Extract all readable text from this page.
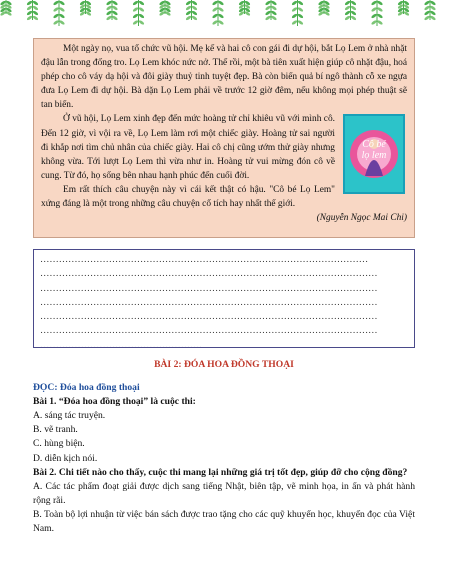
Một ngày nọ, vua tổ chức vũ hội. Mẹ kế và hai cô con gái đi dự hội, bắt Lọ Lem ở nhà nhặt đậu lẫn trong đống tro. Lọ Lem khóc nức nở. Thế rồi, một bà tiên xuất hiện giúp cô nhặt đậu, hoá phép cho cô váy dạ hội và đôi giày thuỷ tinh tuyệt đẹp. Bà còn biến quả bí ngô thành cỗ xe ngựa đưa Lọ Lem đi dự hội. Bà dặn Lọ Lem phải về trước 12 giờ đêm, nếu không mọi phép thuật sẽ tan biến.

Cô bé
lọ lem

Ở vũ hội, Lọ Lem xinh đẹp đến mức hoàng tử chỉ khiêu vũ với mình cô. Đến 12 giờ, vì vội ra về, Lọ Lem làm rơi một chiếc giày. Hoàng tử sai người đi khắp nơi tìm chủ nhân của chiếc giày. Hai cô chị cũng ướm thử giày nhưng không vừa. Tới lượt Lọ Lem thì vừa như in. Hoàng tử vui mừng đón cô về cung. Từ đó, họ sống bên nhau hạnh phúc đến cuối đời.

Em rất thích câu chuyện này vì cái kết thật có hậu. "Cô bé Lọ Lem" xứng đáng là một trong những câu chuyện cổ tích hay nhất thế giới.

(Nguyễn Ngọc Mai Chi)

……………………………………………………………………………………………
………………………………………………………………………………………………
………………………………………………………………………………………………
………………………………………………………………………………………………
………………………………………………………………………………………………
………………………………………………………………………………………………
…………………………………………….
BÀI 2: ĐÓA HOA ĐỒNG THOẠI
ĐỌC: Đóa hoa đồng thoại
Bài 1. “Đóa hoa đồng thoại” là cuộc thi:
A. sáng tác truyện.
B. vẽ tranh.
C. hùng biện.
D. diễn kịch nói.
Bài 2. Chi tiết nào cho thấy, cuộc thi mang lại những giá trị tốt đẹp, giúp đỡ cho cộng đồng?
A. Các tác phẩm đoạt giải được dịch sang tiếng Nhật, biên tập, vẽ minh họa, in ấn và phát hành rộng rãi.
B. Toàn bộ lợi nhuận từ việc bán sách được trao tặng cho các quỹ khuyến học, khuyến đọc của Việt Nam.
